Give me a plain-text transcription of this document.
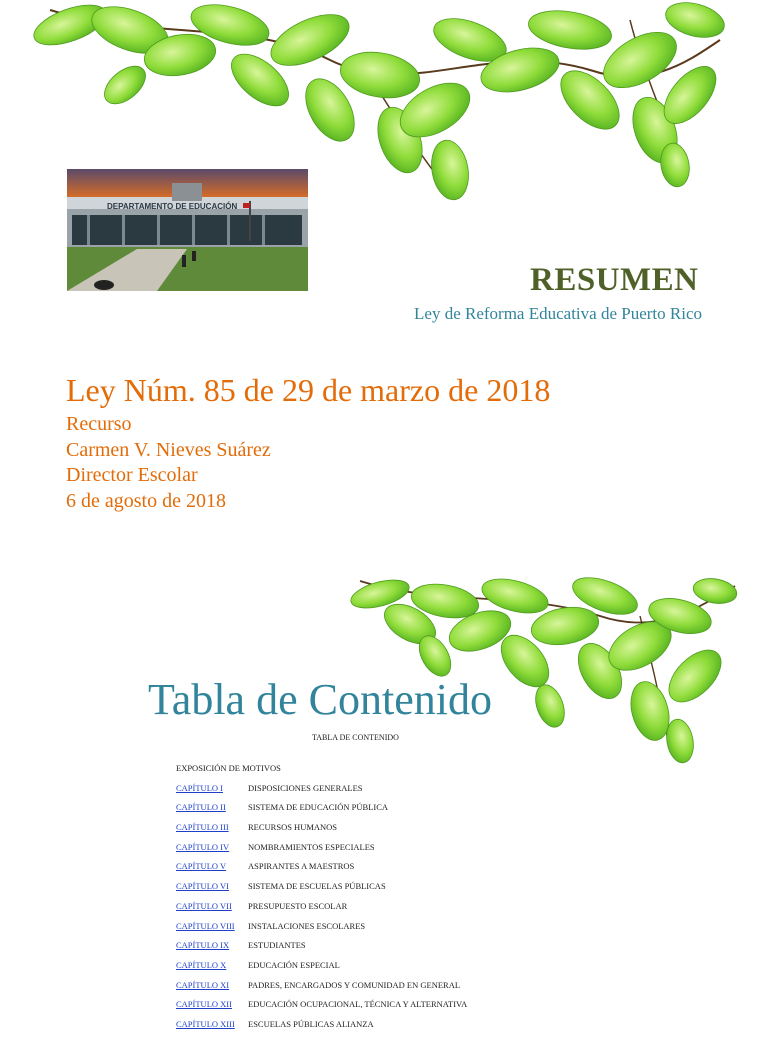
DEPARTAMENTO DE EDUCACIÓN
RESUMEN
Ley de Reforma Educativa de Puerto Rico
Ley Núm. 85 de 29 de marzo de 2018
Recurso
Carmen V. Nieves Suárez
Director Escolar
6 de agosto de 2018
Tabla de Contenido
TABLA DE CONTENIDO
EXPOSICIÓN DE MOTIVOS
CAPÍTULO I	DISPOSICIONES GENERALES
CAPÍTULO II	SISTEMA DE EDUCACIÓN PÚBLICA
CAPÍTULO III	RECURSOS HUMANOS
CAPÍTULO IV	NOMBRAMIENTOS ESPECIALES
CAPÍTULO V	ASPIRANTES A MAESTROS
CAPÍTULO VI	SISTEMA DE ESCUELAS PÚBLICAS
CAPÍTULO VII	PRESUPUESTO ESCOLAR
CAPÍTULO VIII	INSTALACIONES ESCOLARES
CAPÍTULO IX	ESTUDIANTES
CAPÍTULO X	EDUCACIÓN ESPECIAL
CAPÍTULO XI	PADRES, ENCARGADOS Y COMUNIDAD EN GENERAL
CAPÍTULO XII	EDUCACIÓN OCUPACIONAL, TÉCNICA Y ALTERNATIVA
CAPÍTULO XIII	ESCUELAS PÚBLICAS ALIANZA
